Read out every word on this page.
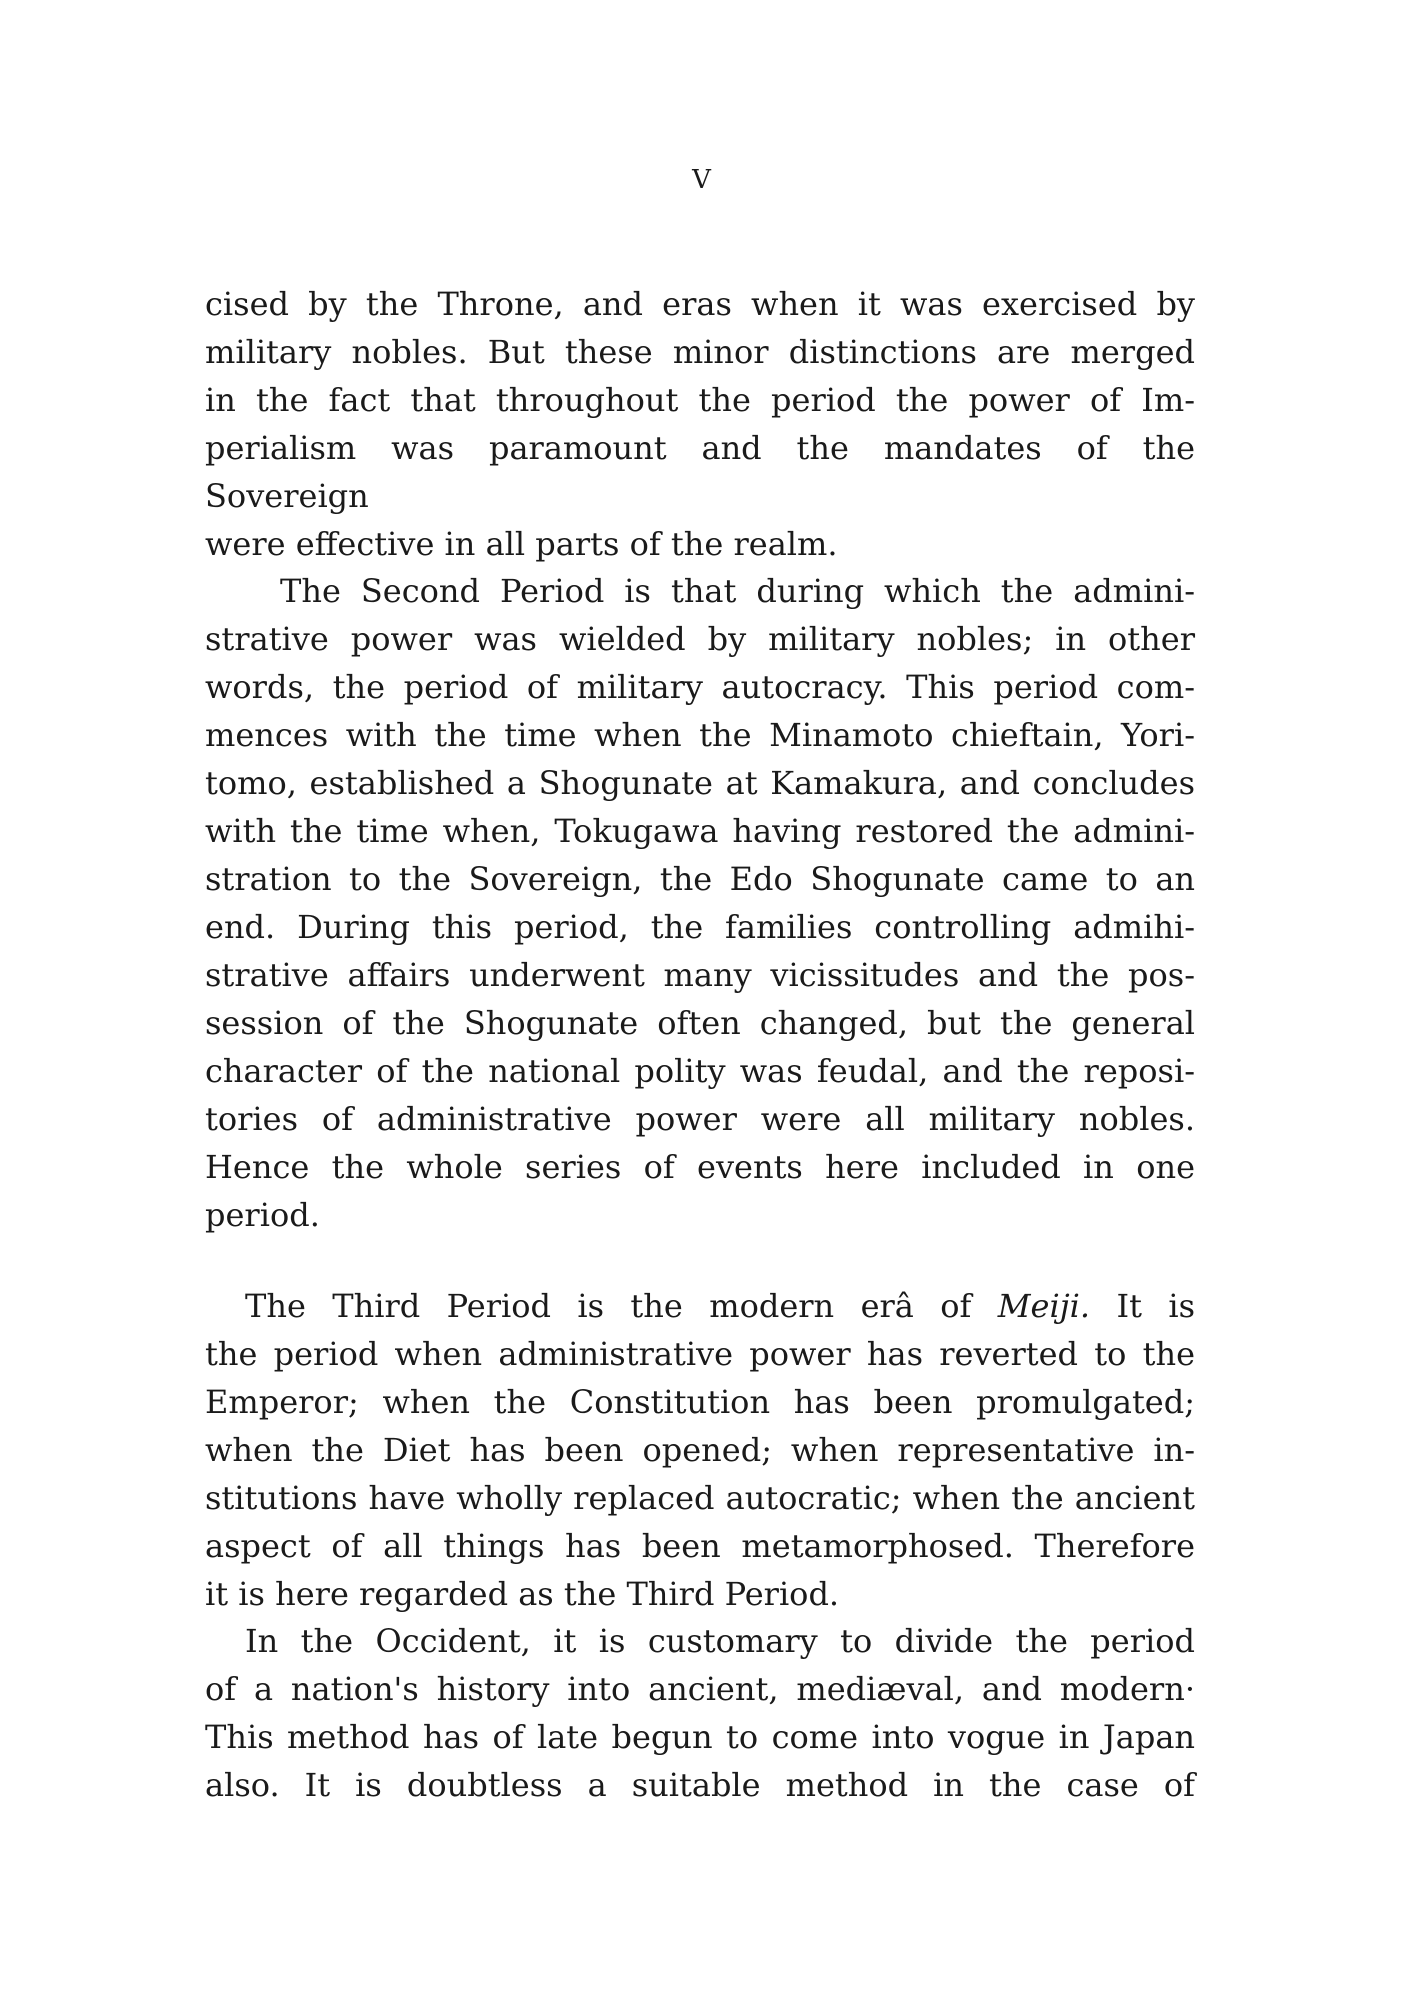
V
cised by the Throne, and eras when it was exercised by
military nobles. But these minor distinctions are merged
in the fact that throughout the period the power of Im-
perialism was paramount and the mandates of the Sovereign
were effective in all parts of the realm.
The Second Period is that during which the admini-
strative power was wielded by military nobles; in other
words, the period of military autocracy. This period com-
mences with the time when the Minamoto chieftain, Yori-
tomo, established a Shogunate at Kamakura, and concludes
with the time when, Tokugawa having restored the admini-
stration to the Sovereign, the Edo Shogunate came to an
end. During this period, the families controlling admihi-
strative affairs underwent many vicissitudes and the pos-
session of the Shogunate often changed, but the general
character of the national polity was feudal, and the reposi-
tories of administrative power were all military nobles.
Hence the whole series of events here included in one
period.
The Third Period is the modern erâ of Meiji. It is
the period when administrative power has reverted to the
Emperor; when the Constitution has been promulgated;
when the Diet has been opened; when representative in-
stitutions have wholly replaced autocratic; when the ancient
aspect of all things has been metamorphosed. Therefore
it is here regarded as the Third Period.
In the Occident, it is customary to divide the period
of a nation's history into ancient, mediæval, and modern·
This method has of late begun to come into vogue in Japan
also. It is doubtless a suitable method in the case of
